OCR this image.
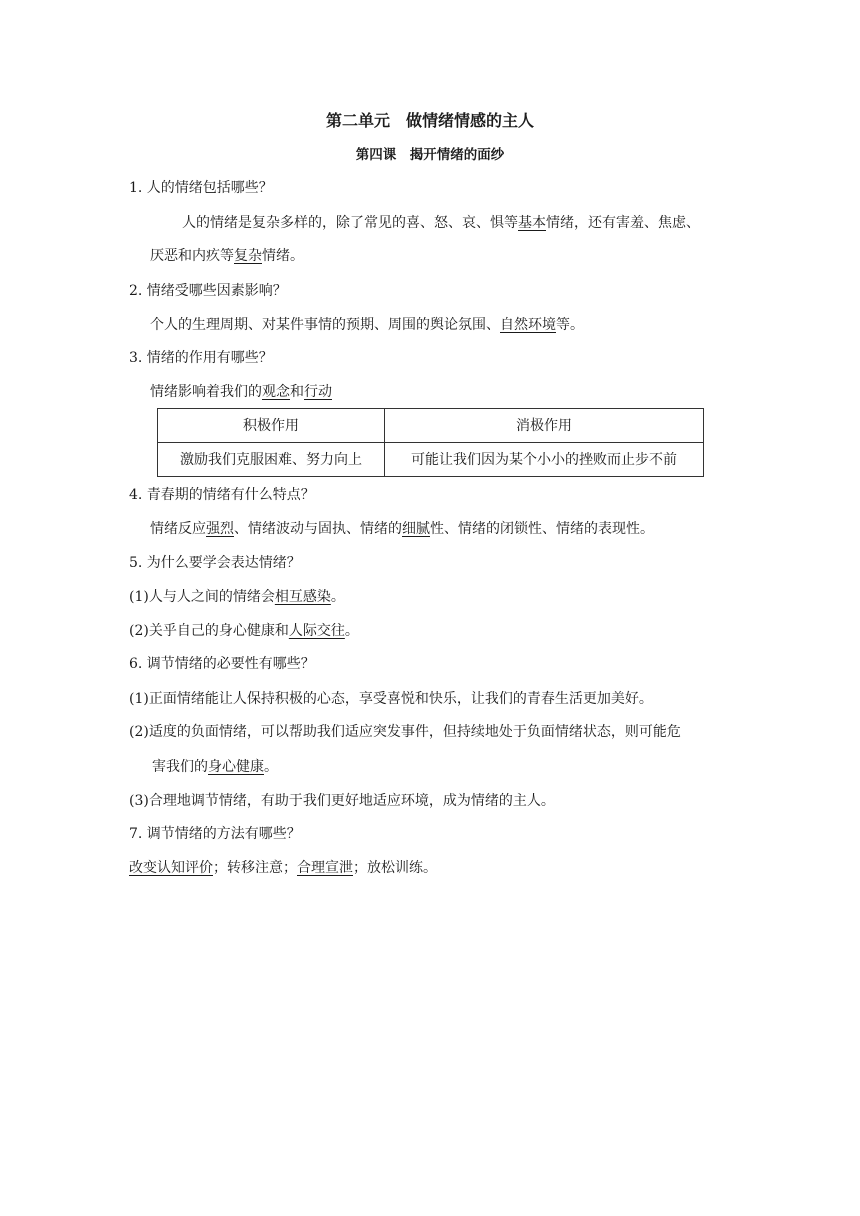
第二单元　做情绪情感的主人
第四课　揭开情绪的面纱
1. 人的情绪包括哪些？
人的情绪是复杂多样的，除了常见的喜、怒、哀、惧等基本情绪，还有害羞、焦虑、
厌恶和内疚等复杂情绪。
2. 情绪受哪些因素影响？
个人的生理周期、对某件事情的预期、周围的舆论氛围、自然环境等。
3. 情绪的作用有哪些？
情绪影响着我们的观念和行动
积极作用	消极作用
激励我们克服困难、努力向上	可能让我们因为某个小小的挫败而止步不前
4. 青春期的情绪有什么特点？
情绪反应强烈、情绪波动与固执、情绪的细腻性、情绪的闭锁性、情绪的表现性。
5. 为什么要学会表达情绪？
(1)人与人之间的情绪会相互感染。
(2)关乎自己的身心健康和人际交往。
6. 调节情绪的必要性有哪些？
(1)正面情绪能让人保持积极的心态，享受喜悦和快乐，让我们的青春生活更加美好。
(2)适度的负面情绪，可以帮助我们适应突发事件，但持续地处于负面情绪状态，则可能危
害我们的身心健康。
(3)合理地调节情绪，有助于我们更好地适应环境，成为情绪的主人。
7. 调节情绪的方法有哪些？
改变认知评价；转移注意；合理宣泄；放松训练。
